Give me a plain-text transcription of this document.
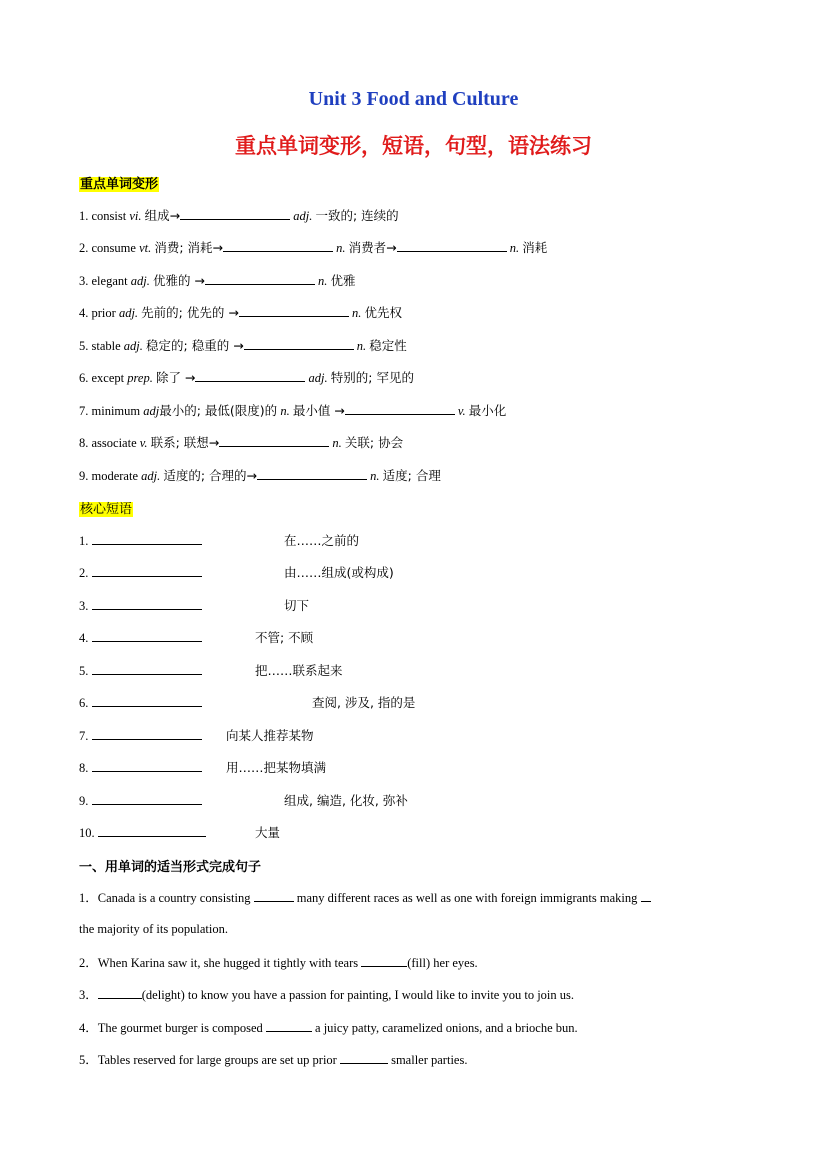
Unit 3 Food and Culture
重点单词变形，短语，句型，语法练习
重点单词变形
1. consist vi. 组成→	adj. 一致的; 连续的
2. consume vt. 消费; 消耗→	n. 消费者→	n. 消耗
3. elegant adj. 优雅的 →	n. 优雅
4. prior adj. 先前的; 优先的 →	n. 优先权
5. stable adj. 稳定的; 稳重的 →	n. 稳定性
6. except prep. 除了 →	adj. 特别的; 罕见的
7. minimum adj最小的; 最低(限度)的 n. 最小值 →	v. 最小化
8. associate v. 联系; 联想→	n. 关联; 协会
9. moderate adj. 适度的; 合理的→	n. 适度; 合理
核心短语
1.	在……之前的
2.	由……组成(或构成)
3.	切下
4.	不管; 不顾
5.	把……联系起来
6.	查阅, 涉及, 指的是
7.	向某人推荐某物
8.	用……把某物填满
9.	组成, 编造, 化妆, 弥补
10.	大量
一、用单词的适当形式完成句子
1．Canada is a country consisting	many different races as well as one with foreign immigrants making
the majority of its population.
2．When Karina saw it, she hugged it tightly with tears	(fill) her eyes.
3．	(delight) to know you have a passion for painting, I would like to invite you to join us.
4．The gourmet burger is composed	a juicy patty, caramelized onions, and a brioche bun.
5．Tables reserved for large groups are set up prior	smaller parties.
